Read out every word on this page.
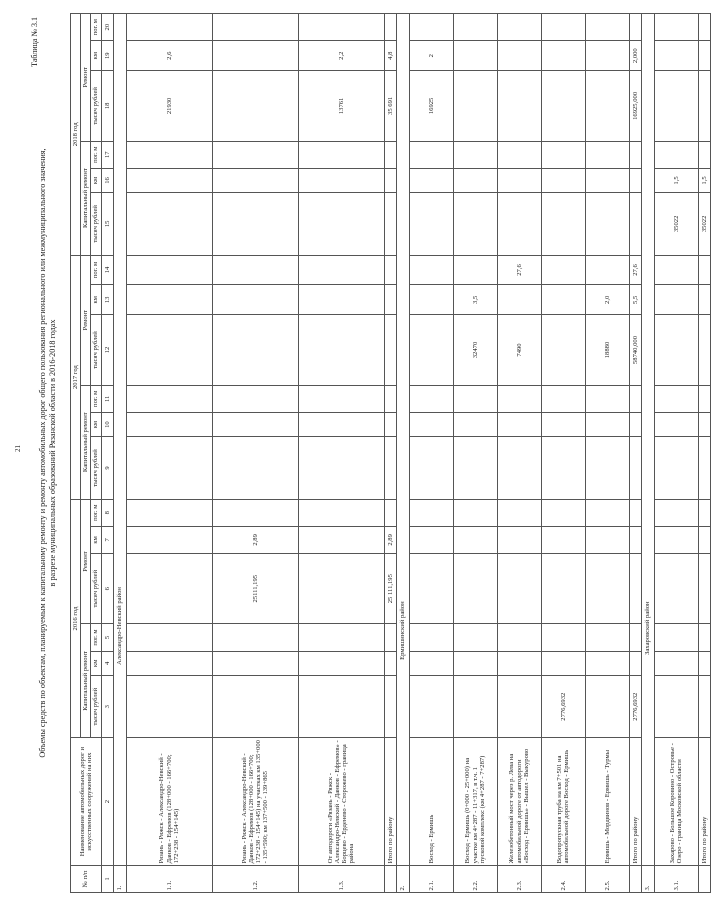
21
Таблица № 3.1
Объемы средств по объектам, планируемым к капитальному ремонту и ремонту автомобильных дорог общего пользования регионального или межмуниципального значения, в разрезе муниципальных образований Рязанской области в 2016-2018 годах
№ п/п	Наименование автомобильных дорог и искусственных сооружений на них	2016 год						2017 год						2018 год					
		Капитальный ремонт			Ремонт			Капитальный ремонт			Ремонт			Капитальный ремонт			Ремонт		
		тысяч рублей	км	пог. м	тысяч рублей	км	пог. м	тысяч рублей	км	пог. м	тысяч рублей	км	пог. м	тысяч рублей	км	пог. м	тысяч рублей	км	пог. м
1	2	3	4	5	6	7	8	9	10	11	12	13	14	15	16	17	18	19	20
1.	Александро-Невский район																		
1.1.	Рязань - Ряжск - Александро-Невский - Данков - Ефремов (128+000 - 166+700; 172+238 - 154+145)																21930	2,6	
1.2.	Рязань - Ряжск - Александро-Невский - Данков - Ефремов (128+000 - 166+700; 172+238 - 154+145) на участках км 135+000 - 135+590; км 137+500 - 139+865				25111,195	2,89													
1.3.	От автодороги «Рязань - Ряжск - Александро-Невский - Данков - Ефремов» - Борцево - Ерденево - Сторожево - граница района																13761	2,2	
	Итого по району				25 111,195	2,89											35 691	4,8	
2.	Ермишинский район																		
2.1.	Восход - Ермишь																16925	2	
2.2.	Восход - Ермишь (0+000 - 25+000) на участке км 4+287 - 11+317, в т.ч. 1 пусковой комплекс (км 4+287 - 7+287)										32470	3,5							
2.3.	Железобетонный мост через р. Лева на автомобильной дороге от автодороги «Восход - Ермишь» - Вышел - Выкурово										7490		27,6						
2.4.	Водопропускная труба на км 7+501 на автомобильной дороге Восход - Ермишь	2776,6932																	
2.5.	Ермишь - Мордвинов - Ермишь - Турмы										18880	2,0							
	Итого по району	2776,6932									58740,000	5,5	27,6				16925,000	2,000	
3.	Захаровский район																		
3.1.	Захарово - Большое Коровино - Островье - Озеро - граница Московской области													35022	1,5				
	Итого по району													35022	1,5				
